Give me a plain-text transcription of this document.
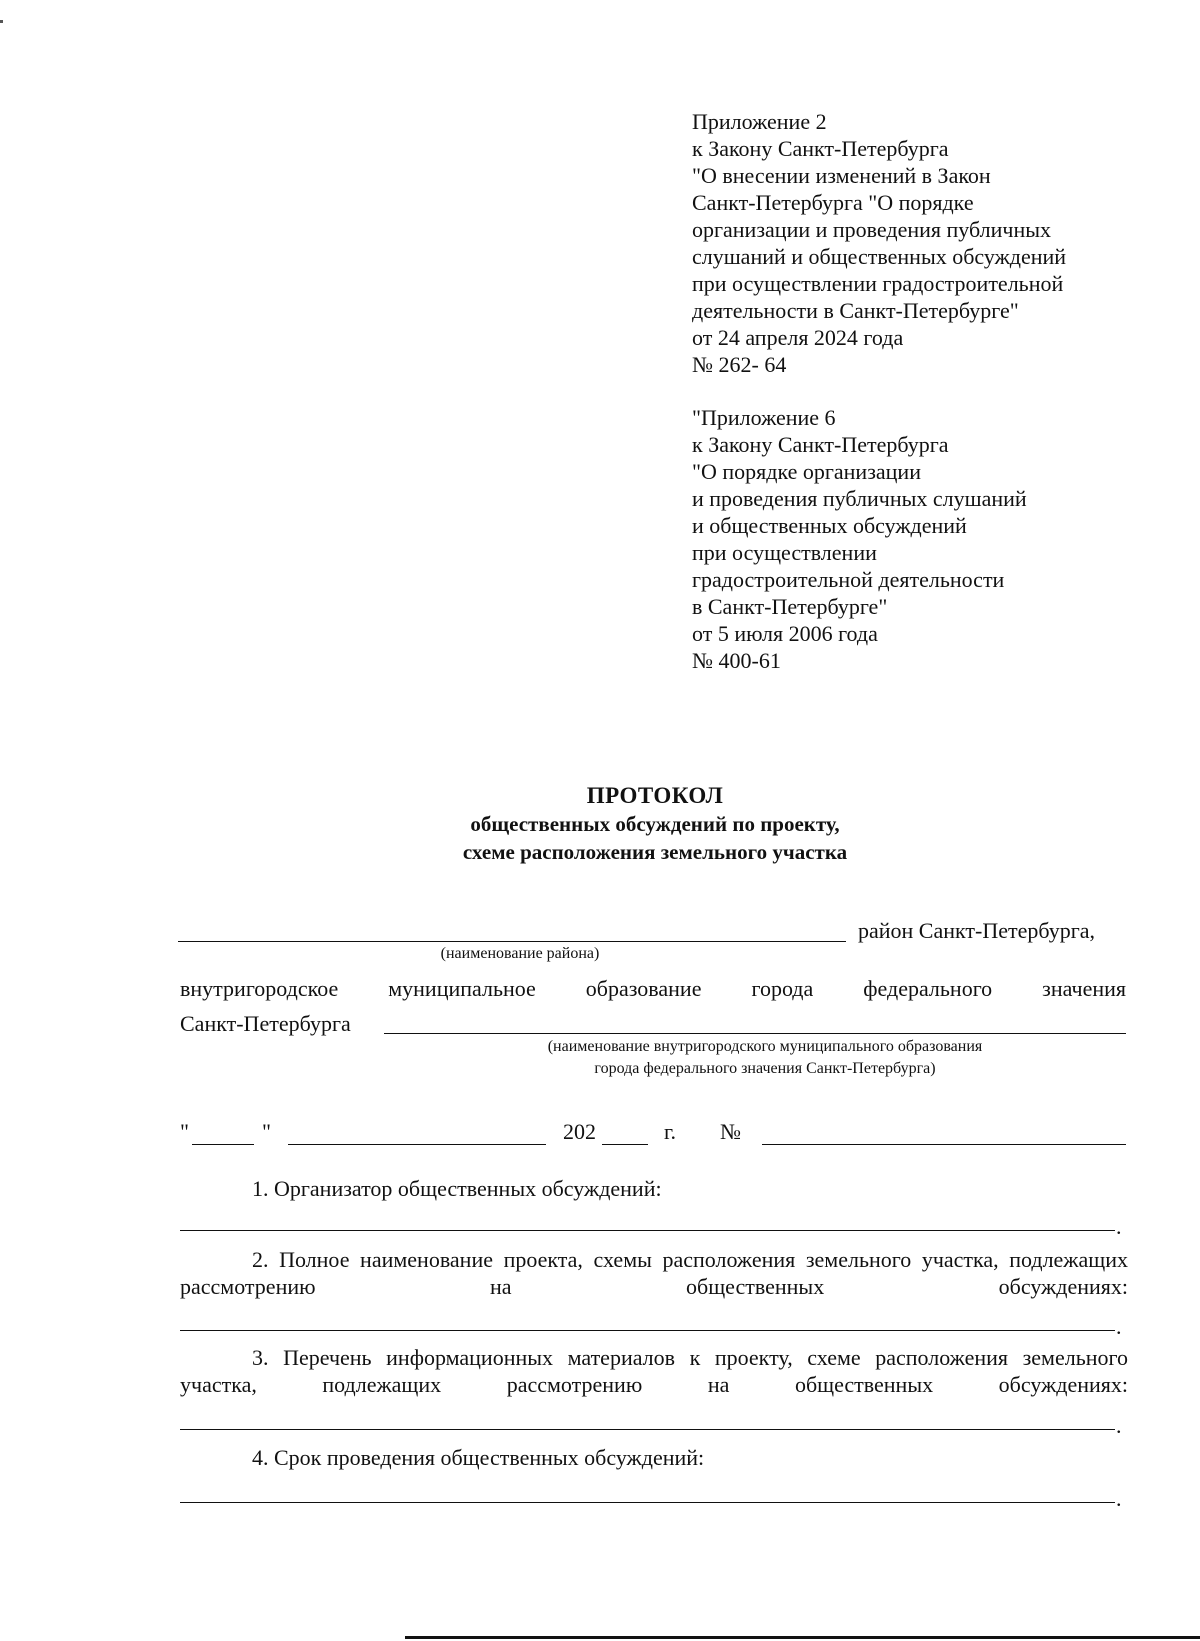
Приложение 2
к Закону Санкт-Петербурга
"О внесении изменений в Закон
Санкт-Петербурга "О порядке
организации и проведения публичных
слушаний и общественных обсуждений
при осуществлении градостроительной
деятельности в Санкт-Петербурге"
от 24 апреля 2024 года
№ 262- 64
"Приложение 6
к Закону Санкт-Петербурга
"О порядке организации
и проведения публичных слушаний
и общественных обсуждений
при осуществлении
градостроительной деятельности
в Санкт-Петербурге"
от 5 июля 2006 года
№ 400-61
ПРОТОКОЛ
общественных обсуждений по проекту,
схеме расположения земельного участка
район Санкт-Петербурга,
(наименование района)
внутригородское муниципальное образование города федерального значения
Санкт-Петербурга
(наименование внутригородского муниципального образования
города федерального значения Санкт-Петербурга)
"	"	202	г. №
1. Организатор общественных обсуждений:
.
2. Полное наименование проекта, схемы расположения земельного участка, подлежащих рассмотрению на общественных обсуждениях:
.
3. Перечень информационных материалов к проекту, схеме расположения земельного участка, подлежащих рассмотрению на общественных обсуждениях:
.
4. Срок проведения общественных обсуждений:
.
